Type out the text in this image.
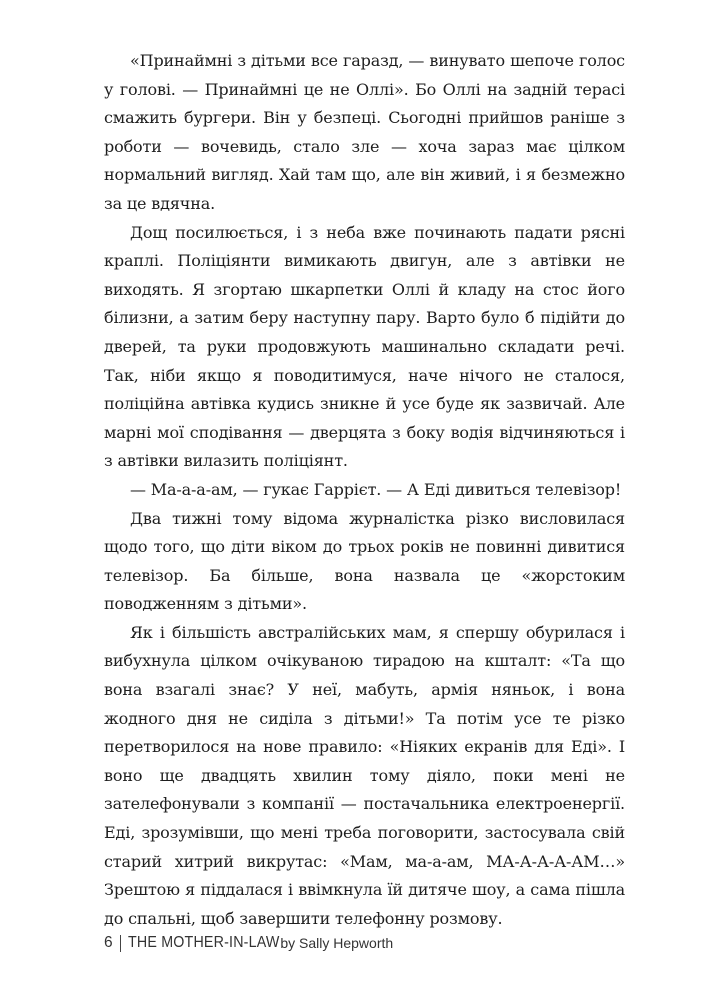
«Принаймні з дітьми все гаразд, — винувато шепоче голос у голові. — Принаймні це не Оллі». Бо Оллі на задній терасі смажить бургери. Він у безпеці. Сьогодні прийшов раніше з роботи — вочевидь, стало зле — хоча зараз має цілком нормальний вигляд. Хай там що, але він живий, і я безмежно за це вдячна.

Дощ посилюється, і з неба вже починають падати рясні краплі. Поліціянти вимикають двигун, але з автівки не виходять. Я згортаю шкарпетки Оллі й кладу на стос його білизни, а затим беру наступну пару. Варто було б підійти до дверей, та руки продовжують машинально складати речі. Так, ніби якщо я поводитимуся, наче нічого не сталося, поліційна автівка кудись зникне й усе буде як зазвичай. Але марні мої сподівання — дверцята з боку водія відчиняються і з автівки вилазить поліціянт.

— Ма-а-а-ам, — гукає Гаррієт. — А Еді дивиться телевізор!

Два тижні тому відома журналістка різко висловилася щодо того, що діти віком до трьох років не повинні дивитися телевізор. Ба більше, вона назвала це «жорстоким поводженням з дітьми».

Як і більшість австралійських мам, я спершу обурилася і вибухнула цілком очікуваною тирадою на кшталт: «Та що вона взагалі знає? У неї, мабуть, армія няньок, і вона жодного дня не сиділа з дітьми!» Та потім усе те різко перетворилося на нове правило: «Ніяких екранів для Еді». І воно ще двадцять хвилин тому діяло, поки мені не зателефонували з компанії — постачальника електроенергії. Еді, зрозумівши, що мені треба поговорити, застосувала свій старий хитрий викрутас: «Мам, ма-а-ам, МА-А-А-А-АМ…» Зрештою я піддалася і ввімкнула їй дитяче шоу, а сама пішла до спальні, щоб завершити телефонну розмову.

6 THE MOTHER-IN-LAW by Sally Hepworth
